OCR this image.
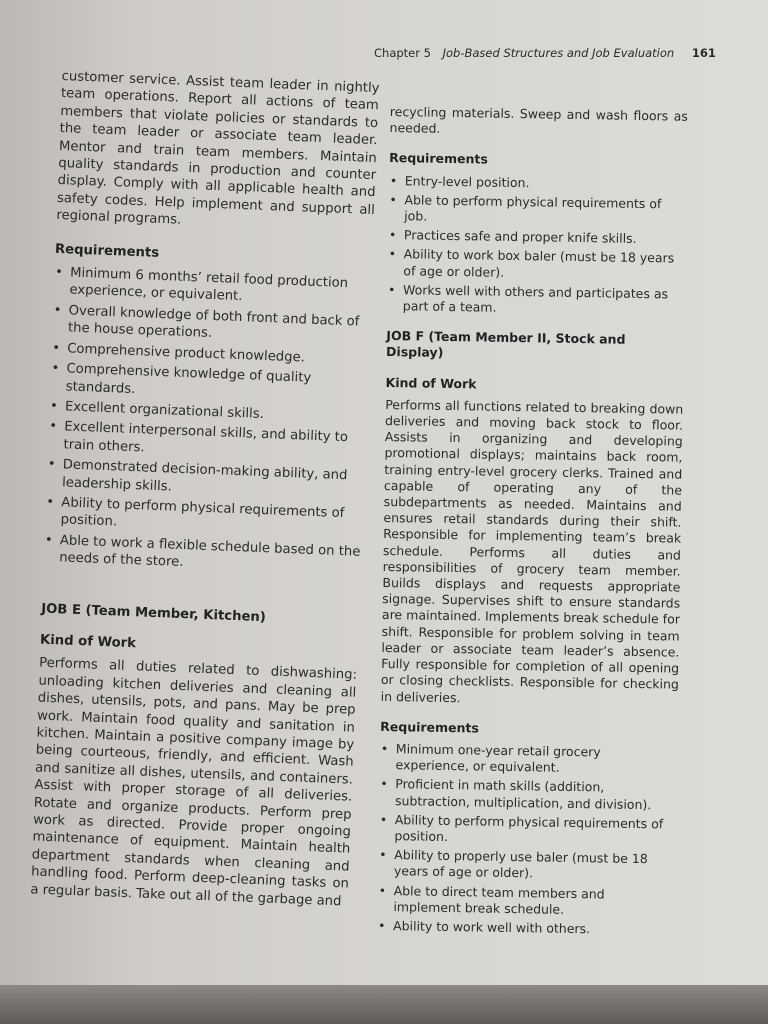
Chapter 5 Job-Based Structures and Job Evaluation 161

customer service. Assist team leader in nightly team operations. Report all actions of team members that violate policies or standards to the team leader or associate team leader. Mentor and train team members. Maintain quality standards in production and counter display. Comply with all applicable health and safety codes. Help implement and support all regional programs.

Requirements
• Minimum 6 months’ retail food production experience, or equivalent.
• Overall knowledge of both front and back of the house operations.
• Comprehensive product knowledge.
• Comprehensive knowledge of quality standards.
• Excellent organizational skills.
• Excellent interpersonal skills, and ability to train others.
• Demonstrated decision-making ability, and leadership skills.
• Ability to perform physical requirements of position.
• Able to work a flexible schedule based on the needs of the store.
JOB E (Team Member, Kitchen)
Kind of Work

Performs all duties related to dishwashing: unloading kitchen deliveries and cleaning all dishes, utensils, pots, and pans. May be prep work. Maintain food quality and sanitation in kitchen. Maintain a positive company image by being courteous, friendly, and efficient. Wash and sanitize all dishes, utensils, and containers. Assist with proper storage of all deliveries. Rotate and organize products. Perform prep work as directed. Provide proper ongoing maintenance of equipment. Maintain health department standards when cleaning and handling food. Perform deep-cleaning tasks on a regular basis. Take out all of the garbage and

recycling materials. Sweep and wash floors as needed.

Requirements
• Entry-level position.
• Able to perform physical requirements of job.
• Practices safe and proper knife skills.
• Ability to work box baler (must be 18 years of age or older).
• Works well with others and participates as part of a team.
JOB F (Team Member II, Stock and Display)
Kind of Work

Performs all functions related to breaking down deliveries and moving back stock to floor. Assists in organizing and developing promotional displays; maintains back room, training entry-level grocery clerks. Trained and capable of operating any of the subdepartments as needed. Maintains and ensures retail standards during their shift. Responsible for implementing team’s break schedule. Performs all duties and responsibilities of grocery team member. Builds displays and requests appropriate signage. Supervises shift to ensure standards are maintained. Implements break schedule for shift. Responsible for problem solving in team leader or associate team leader’s absence. Fully responsible for completion of all opening or closing checklists. Responsible for checking in deliveries.

Requirements
• Minimum one-year retail grocery experience, or equivalent.
• Proficient in math skills (addition, subtraction, multiplication, and division).
• Ability to perform physical requirements of position.
• Ability to properly use baler (must be 18 years of age or older).
• Able to direct team members and implement break schedule.
• Ability to work well with others.
